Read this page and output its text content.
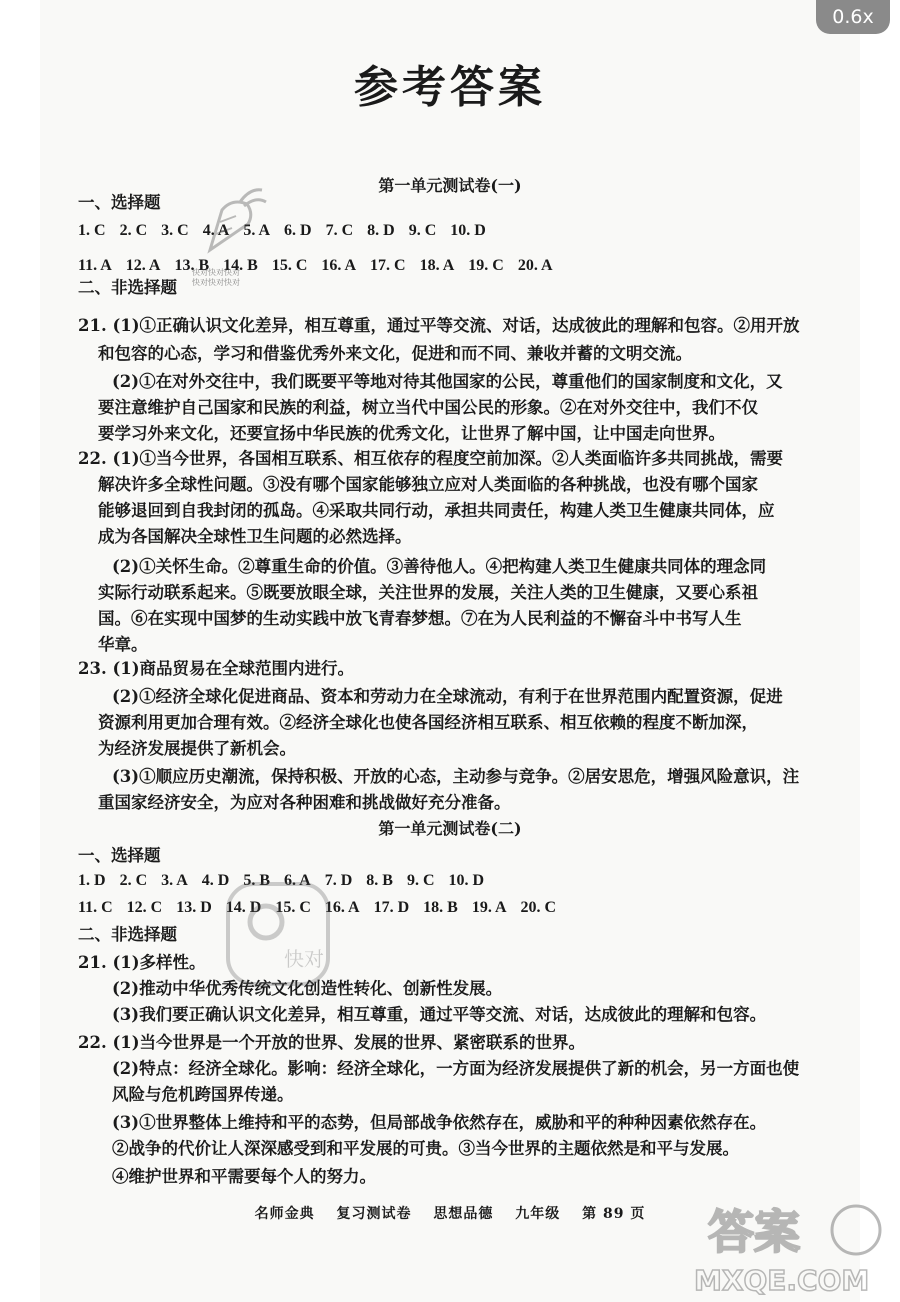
0.6x
参考答案
第一单元测试卷(一)
一、选择题
1. C 2. C 3. C 4. A 5. A 6. D 7. C 8. D 9. C 10. D
11. A 12. A 13. B 14. B 15. C 16. A 17. C 18. A 19. C 20. A
二、非选择题
21. (1)①正确认识文化差异，相互尊重，通过平等交流、对话，达成彼此的理解和包容。②用开放
和包容的心态，学习和借鉴优秀外来文化，促进和而不同、兼收并蓄的文明交流。
(2)①在对外交往中，我们既要平等地对待其他国家的公民，尊重他们的国家制度和文化，又
要注意维护自己国家和民族的利益，树立当代中国公民的形象。②在对外交往中，我们不仅
要学习外来文化，还要宣扬中华民族的优秀文化，让世界了解中国，让中国走向世界。
22. (1)①当今世界，各国相互联系、相互依存的程度空前加深。②人类面临许多共同挑战，需要
解决许多全球性问题。③没有哪个国家能够独立应对人类面临的各种挑战，也没有哪个国家
能够退回到自我封闭的孤岛。④采取共同行动，承担共同责任，构建人类卫生健康共同体，应
成为各国解决全球性卫生问题的必然选择。
(2)①关怀生命。②尊重生命的价值。③善待他人。④把构建人类卫生健康共同体的理念同
实际行动联系起来。⑤既要放眼全球，关注世界的发展，关注人类的卫生健康，又要心系祖
国。⑥在实现中国梦的生动实践中放飞青春梦想。⑦在为人民利益的不懈奋斗中书写人生
华章。
23. (1)商品贸易在全球范围内进行。
(2)①经济全球化促进商品、资本和劳动力在全球流动，有利于在世界范围内配置资源，促进
资源利用更加合理有效。②经济全球化也使各国经济相互联系、相互依赖的程度不断加深，
为经济发展提供了新机会。
(3)①顺应历史潮流，保持积极、开放的心态，主动参与竞争。②居安思危，增强风险意识，注
重国家经济安全，为应对各种困难和挑战做好充分准备。
第一单元测试卷(二)
一、选择题
1. D 2. C 3. A 4. D 5. B 6. A 7. D 8. B 9. C 10. D
11. C 12. C 13. D 14. D 15. C 16. A 17. D 18. B 19. A 20. C
二、非选择题
21. (1)多样性。
(2)推动中华优秀传统文化创造性转化、创新性发展。
(3)我们要正确认识文化差异，相互尊重，通过平等交流、对话，达成彼此的理解和包容。
22. (1)当今世界是一个开放的世界、发展的世界、紧密联系的世界。
(2)特点：经济全球化。影响：经济全球化，一方面为经济发展提供了新的机会，另一方面也使
风险与危机跨国界传递。
(3)①世界整体上维持和平的态势，但局部战争依然存在，威胁和平的种种因素依然存在。
②战争的代价让人深深感受到和平发展的可贵。③当今世界的主题依然是和平与发展。
④维护世界和平需要每个人的努力。
名师金典 复习测试卷 思想品德 九年级 第 89 页
快对快对快对
快对快对快对
快对
答案
MXQE.COM
